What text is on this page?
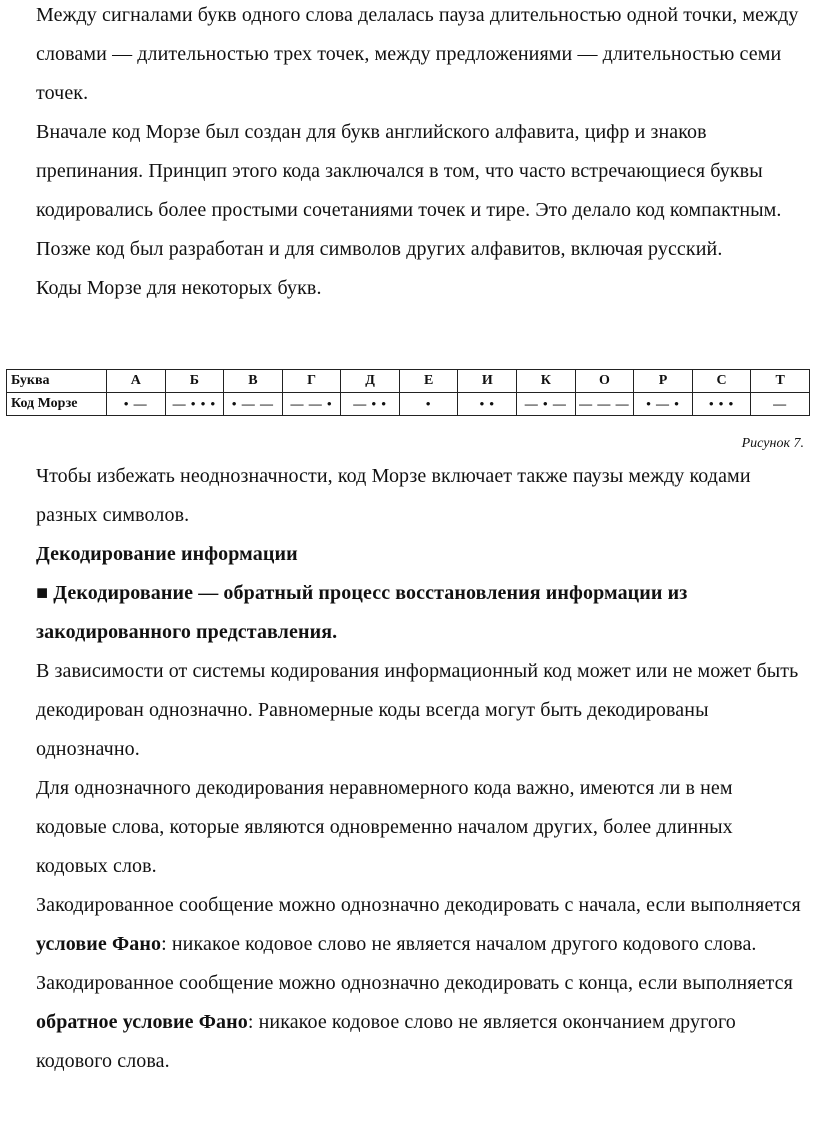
Между сигналами букв одного слова делалась пауза длительностью одной точки, между словами — длительностью трех точек, между предложениями — длительностью семи точек.

Вначале код Морзе был создан для букв английского алфавита, цифр и знаков препинания. Принцип этого кода заключался в том, что часто встречающиеся буквы кодировались более простыми сочетаниями точек и тире. Это делало код компактным. Позже код был разработан и для символов других алфавитов, включая русский.

Коды Морзе для некоторых букв.

Буква	А	Б	В	Г	Д	Е	И	К	О	Р	С	Т
Код Морзе	• —	— • • •	• — —	— — •	— • •	•	• •	— • —	— — —	• — •	• • •	—
Рисунок 7.

Чтобы избежать неоднозначности, код Морзе включает также паузы между кодами разных символов.

Декодирование информации

■ Декодирование — обратный процесс восстановления информации из закодированного представления.

В зависимости от системы кодирования информационный код может или не может быть декодирован однозначно. Равномерные коды всегда могут быть декодированы однозначно.

Для однозначного декодирования неравномерного кода важно, имеются ли в нем кодовые слова, которые являются одновременно началом других, более длинных кодовых слов.

Закодированное сообщение можно однозначно декодировать с начала, если выполняется условие Фано: никакое кодовое слово не является началом другого кодового слова.

Закодированное сообщение можно однозначно декодировать с конца, если выполняется обратное условие Фано: никакое кодовое слово не является окончанием другого кодового слова.
